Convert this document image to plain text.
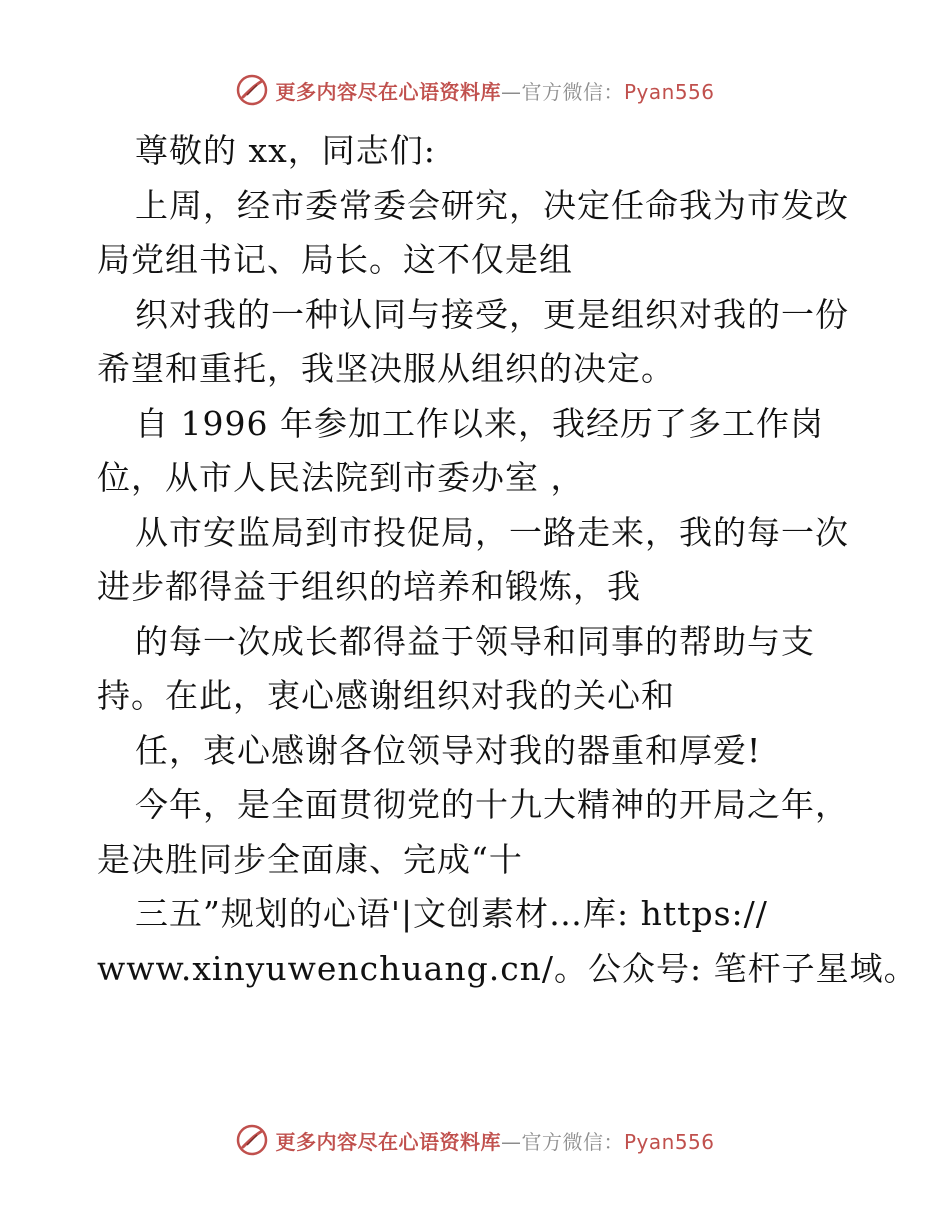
更多内容尽在心语资料库—官方微信：Pyan556
尊敬的 xx，同志们:
上周，经市委常委会研究，决定任命我为市发改
局党组书记、局长。这不仅是组
织对我的一种认同与接受，更是组织对我的一份
希望和重托，我坚决服从组织的决定。
自 1996 年参加工作以来，我经历了多工作岗
位，从市人民法院到市委办室 ，
从市安监局到市投促局，一路走来，我的每一次
进步都得益于组织的培养和锻炼，我
的每一次成长都得益于领导和同事的帮助与支
持。在此，衷心感谢组织对我的关心和
任，衷心感谢各位领导对我的器重和厚爱!
今年，是全面贯彻党的十九大精神的开局之年，
是决胜同步全面康、完成“十
三五”规划的心语'|文创素材…库: https://
www.xinyuwenchuang.cn/。公众号: 笔杆子星域。
更多内容尽在心语资料库—官方微信：Pyan556
